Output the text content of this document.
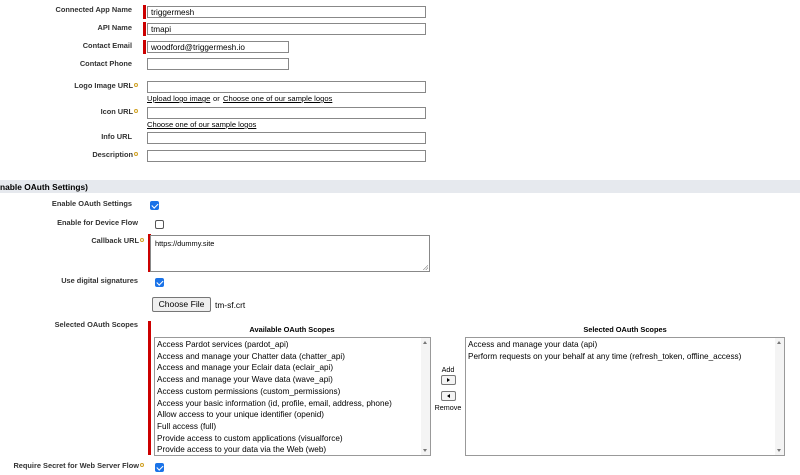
Connected App Name
triggermesh
API Name
tmapi
Contact Email
woodford@triggermesh.io
Contact Phone
Logo Image URL
Upload logo image or Choose one of our sample logos
Icon URL
Choose one of our sample logos
Info URL
Description
nable OAuth Settings)
Enable OAuth Settings
Enable for Device Flow
Callback URL	https://dummy.site
Use digital signatures
Choose File	tm-sf.crt
Selected OAuth Scopes
Available OAuth Scopes
Access Pardot services (pardot_api)
Access and manage your Chatter data (chatter_api)
Access and manage your Eclair data (eclair_api)
Access and manage your Wave data (wave_api)
Access custom permissions (custom_permissions)
Access your basic information (id, profile, email, address, phone)
Allow access to your unique identifier (openid)
Full access (full)
Provide access to custom applications (visualforce)
Provide access to your data via the Web (web)
Add
Remove
Selected OAuth Scopes
Access and manage your data (api)
Perform requests on your behalf at any time (refresh_token, offline_access)
Require Secret for Web Server Flow
